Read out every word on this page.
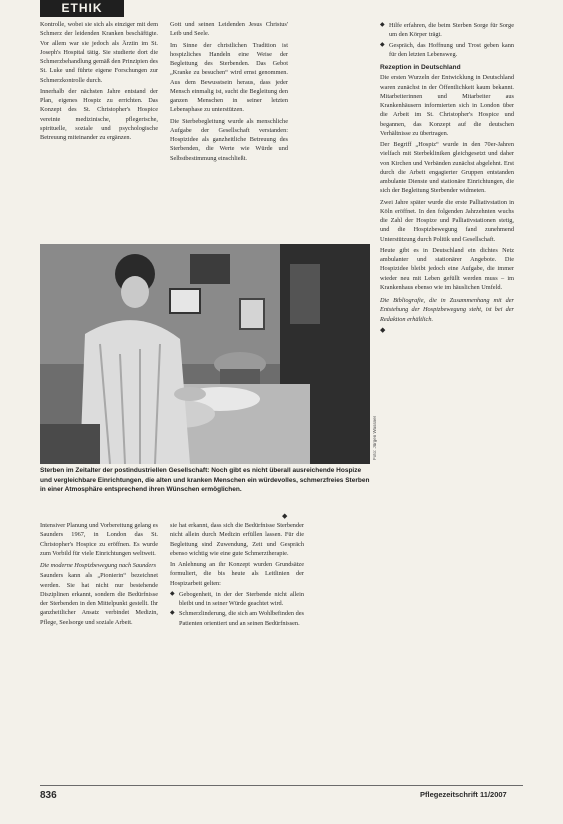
ETHIK

Kontrolle, wobei sie sich als einziger mit dem Schmerz der leidenden Kranken beschäftigte. Vor allem war sie jedoch als Ärztin im St. Joseph's Hospital tätig. Sie studierte dort die Schmerzbehandlung gemäß den Prinzipien des St. Luke und führte eigene Forschungen zur Schmerzkontrolle durch.

Innerhalb der nächsten Jahre entstand der Plan, eigenes Hospiz zu errichten. Das Konzept des St. Christopher's Hospice vereinte medizinische, pflegerische, spirituelle, soziale und psychologische Betreuung miteinander zu ergänzen.

Gott und seinen Leidenden Jesus Christus' Leib und Seele.

Im Sinne der christlichen Tradition ist hospizliches Handeln eine Weise der Begleitung des Sterbenden. Das Gebot „Kranke zu besuchen“ wird ernst genommen. Aus dem Bewusstsein heraus, dass jeder Mensch einmalig ist, sucht die Begleitung den ganzen Menschen in seiner letzten Lebensphase zu unterstützen.

Die Sterbebegleitung wurde als menschliche Aufgabe der Gesellschaft verstanden: Hospizidee als ganzheitliche Betreuung des Sterbenden, die Werte wie Würde und Selbstbestimmung einschließt.

◆ Hilfe erfahren, die beim Sterben Sorge für Sorge um den Körper trägt.
◆ Gespräch, das Hoffnung und Trost geben kann für den letzten Lebensweg.
Rezeption in Deutschland

Die ersten Wurzeln der Entwicklung in Deutschland waren zunächst in der Öffentlichkeit kaum bekannt. Mitarbeiterinnen und Mitarbeiter aus Krankenhäusern informierten sich in London über die Arbeit im St. Christopher's Hospice und begannen, das Konzept auf die deutschen Verhältnisse zu übertragen.

Der Begriff „Hospiz“ wurde in den 70er-Jahren vielfach mit Sterbekliniken gleichgesetzt und daher von Kirchen und Verbänden zunächst abgelehnt. Erst durch die Arbeit engagierter Gruppen entstanden ambulante Dienste und stationäre Einrichtungen, die sich der Begleitung Sterbender widmeten.

Zwei Jahre später wurde die erste Palliativstation in Köln eröffnet. In den folgenden Jahrzehnten wuchs die Zahl der Hospize und Palliativstationen stetig, und die Hospizbewegung fand zunehmend Unterstützung durch Politik und Gesellschaft.

Heute gibt es in Deutschland ein dichtes Netz ambulanter und stationärer Angebote. Die Hospizidee bleibt jedoch eine Aufgabe, die immer wieder neu mit Leben gefüllt werden muss – im Krankenhaus ebenso wie im häuslichen Umfeld.

Die Bibliografie, die in Zusammenhang mit der Entstehung der Hospizbewegung steht, ist bei der Redaktion erhältlich.

◆
Foto: Jürgen Wassner
Sterben im Zeitalter der postindustriellen Gesellschaft: Noch gibt es nicht überall ausreichende Hospize und vergleichbare Einrichtungen, die alten und kranken Menschen ein würdevolles, schmerzfreies Sterben in einer Atmosphäre entsprechend ihren Wünschen ermöglichen.
◆

Intensiver Planung und Vorbereitung gelang es Saunders 1967, in London das St. Christopher's Hospice zu eröffnen. Es wurde zum Vorbild für viele Einrichtungen weltweit.

Die moderne Hospizbewegung nach Saunders

Saunders kann als „Pionierin“ bezeichnet werden. Sie hat nicht nur bestehende Disziplinen erkannt, sondern die Bedürfnisse der Sterbenden in den Mittelpunkt gestellt. Ihr ganzheitlicher Ansatz verbindet Medizin, Pflege, Seelsorge und soziale Arbeit.

sie hat erkannt, dass sich die Bedürfnisse Sterbender nicht allein durch Medizin erfüllen lassen. Für die Begleitung sind Zuwendung, Zeit und Gespräch ebenso wichtig wie eine gute Schmerztherapie.

In Anlehnung an ihr Konzept wurden Grundsätze formuliert, die bis heute als Leitlinien der Hospizarbeit gelten:

◆ Gebogenheit, in der der Sterbende nicht allein bleibt und in seiner Würde geachtet wird.
◆ Schmerzlinderung, die sich am Wohlbefinden des Patienten orientiert und an seinen Bedürfnissen.
836	Pflegezeitschrift 11/2007
